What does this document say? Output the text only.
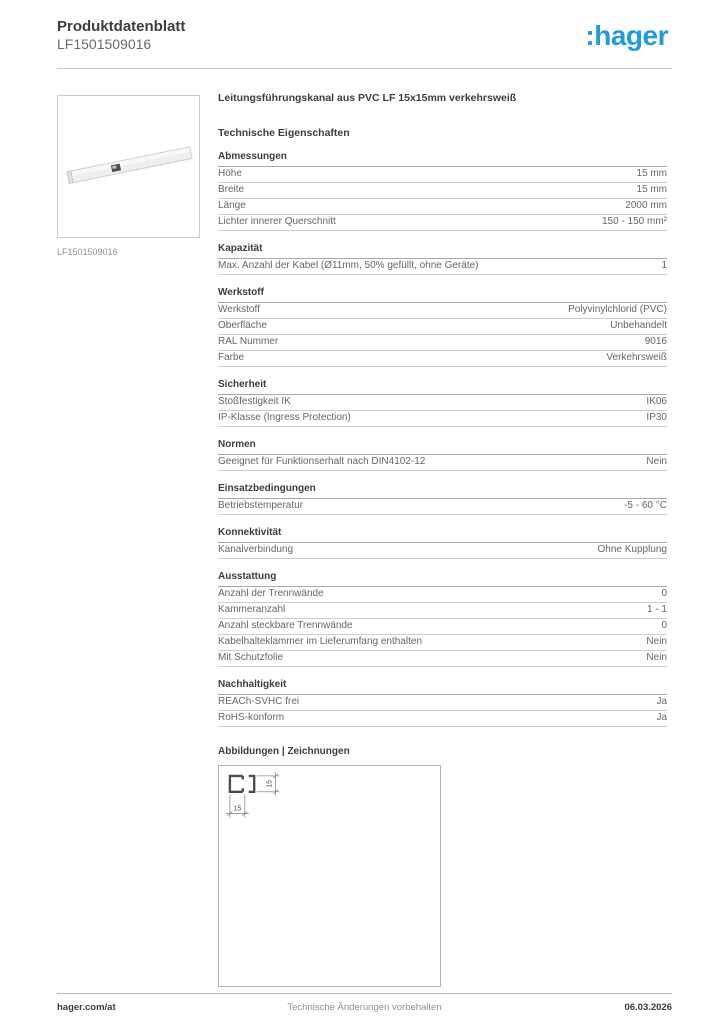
Produktdatenblatt
LF1501509016	:hager
LF1501509016
Leitungsführungskanal aus PVC LF 15x15mm verkehrsweiß
Technische Eigenschaften
Abmessungen
Höhe	15 mm
Breite	15 mm
Länge	2000 mm
Lichter innerer Querschnitt	150 - 150 mm²
Kapazität
Max. Anzahl der Kabel (Ø11mm, 50% gefüllt, ohne Geräte)	1
Werkstoff
Werkstoff	Polyvinylchlorid (PVC)
Oberfläche	Unbehandelt
RAL Nummer	9016
Farbe	Verkehrsweiß
Sicherheit
Stoßfestigkeit IK	IK06
IP-Klasse (Ingress Protection)	IP30
Normen
Geeignet für Funktionserhalt nach DIN4102-12	Nein
Einsatzbedingungen
Betriebstemperatur	-5 - 60 °C
Konnektivität
Kanalverbindung	Ohne Kupplung
Ausstattung
Anzahl der Trennwände	0
Kammeranzahl	1 - 1
Anzahl steckbare Trennwände	0
Kabelhalteklammer im Lieferumfang enthalten	Nein
Mit Schutzfolie	Nein
Nachhaltigkeit
REACh-SVHC frei	Ja
RoHS-konform	Ja
Abbildungen | Zeichnungen
15
15
hager.com/at	Technische Änderungen vorbehalten	06.03.2026
